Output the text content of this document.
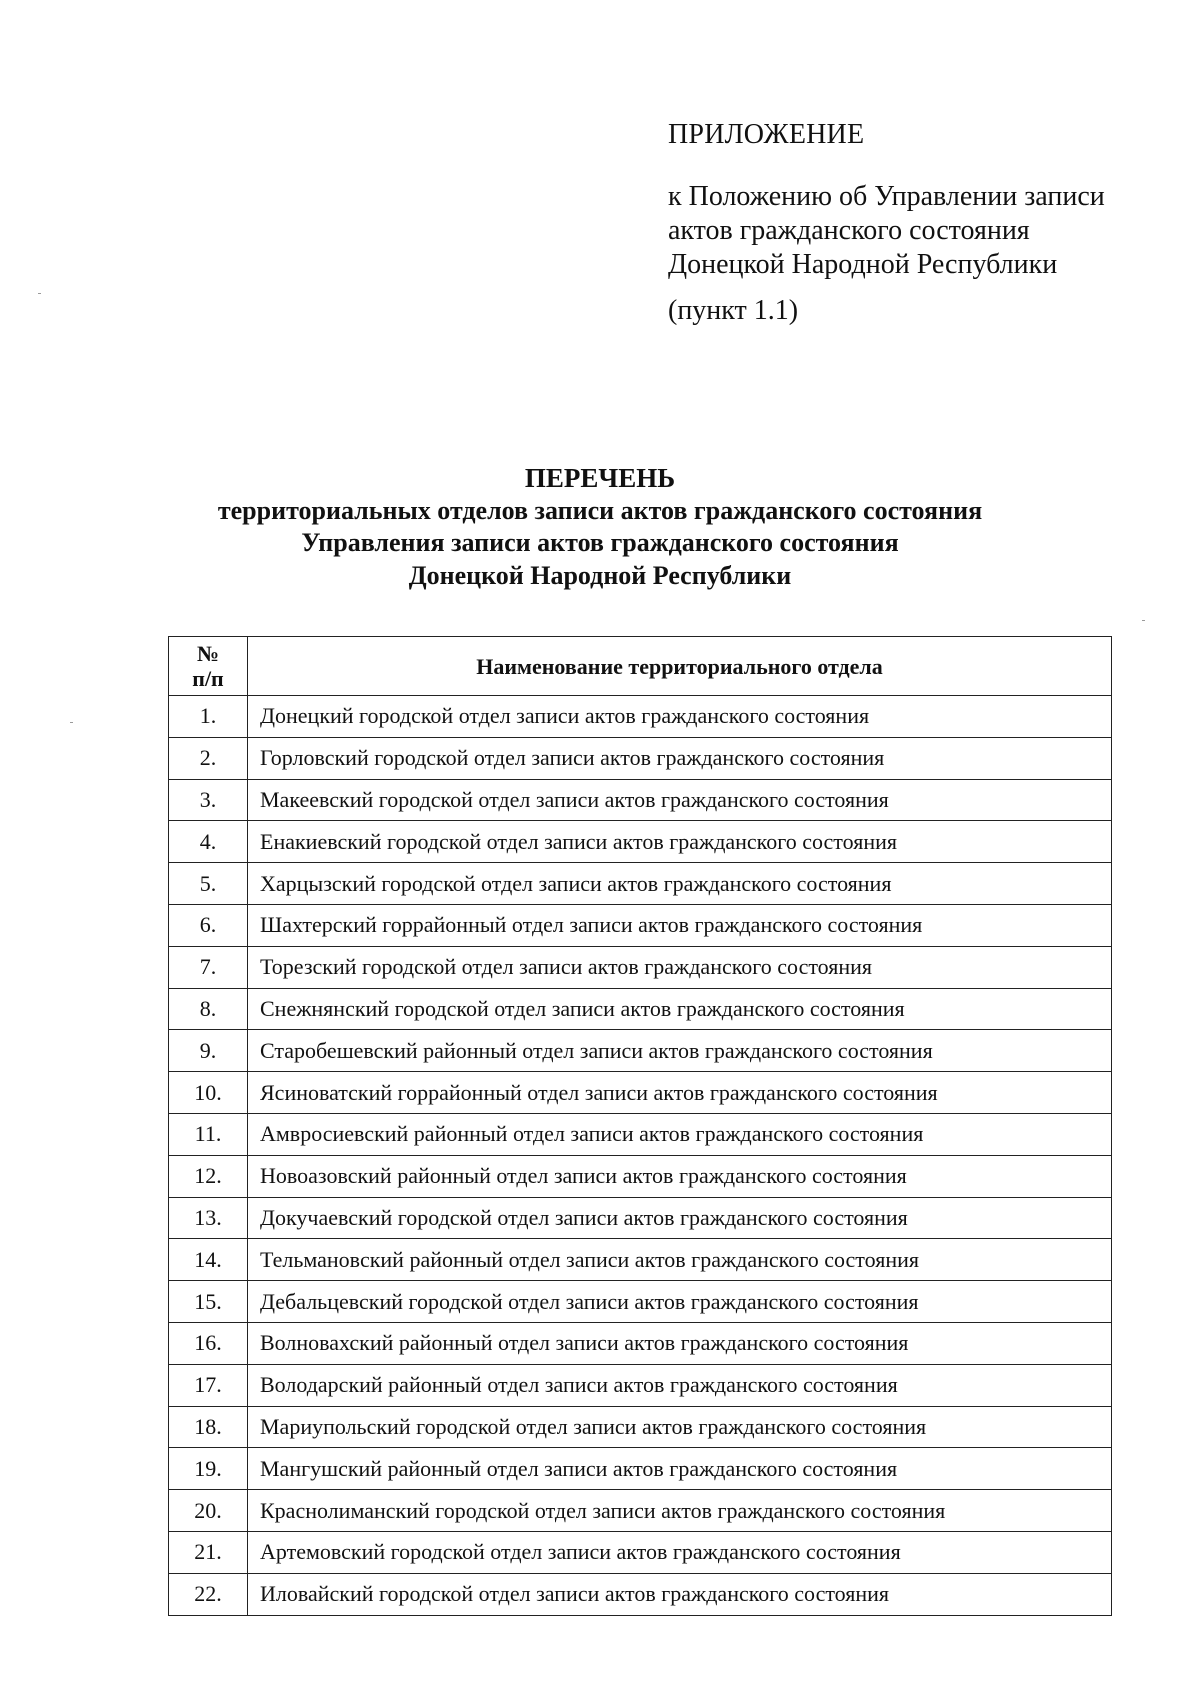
ПРИЛОЖЕНИЕ

к Положению об Управлении записи

актов гражданского состояния

Донецкой Народной Республики

(пункт 1.1)

ПЕРЕЧЕНЬ
территориальных отделов записи актов гражданского состояния
Управления записи актов гражданского состояния
Донецкой Народной Республики
№
п/п	Наименование территориального отдела
1.	Донецкий городской отдел записи актов гражданского состояния
2.	Горловский городской отдел записи актов гражданского состояния
3.	Макеевский городской отдел записи актов гражданского состояния
4.	Енакиевский городской отдел записи актов гражданского состояния
5.	Харцызский городской отдел записи актов гражданского состояния
6.	Шахтерский горрайонный отдел записи актов гражданского состояния
7.	Торезский городской отдел записи актов гражданского состояния
8.	Снежнянский городской отдел записи актов гражданского состояния
9.	Старобешевский районный отдел записи актов гражданского состояния
10.	Ясиноватский горрайонный отдел записи актов гражданского состояния
11.	Амвросиевский районный отдел записи актов гражданского состояния
12.	Новоазовский районный отдел записи актов гражданского состояния
13.	Докучаевский городской отдел записи актов гражданского состояния
14.	Тельмановский районный отдел записи актов гражданского состояния
15.	Дебальцевский городской отдел записи актов гражданского состояния
16.	Волновахский районный отдел записи актов гражданского состояния
17.	Володарский районный отдел записи актов гражданского состояния
18.	Мариупольский городской отдел записи актов гражданского состояния
19.	Мангушский районный отдел записи актов гражданского состояния
20.	Краснолиманский городской отдел записи актов гражданского состояния
21.	Артемовский городской отдел записи актов гражданского состояния
22.	Иловайский городской отдел записи актов гражданского состояния
